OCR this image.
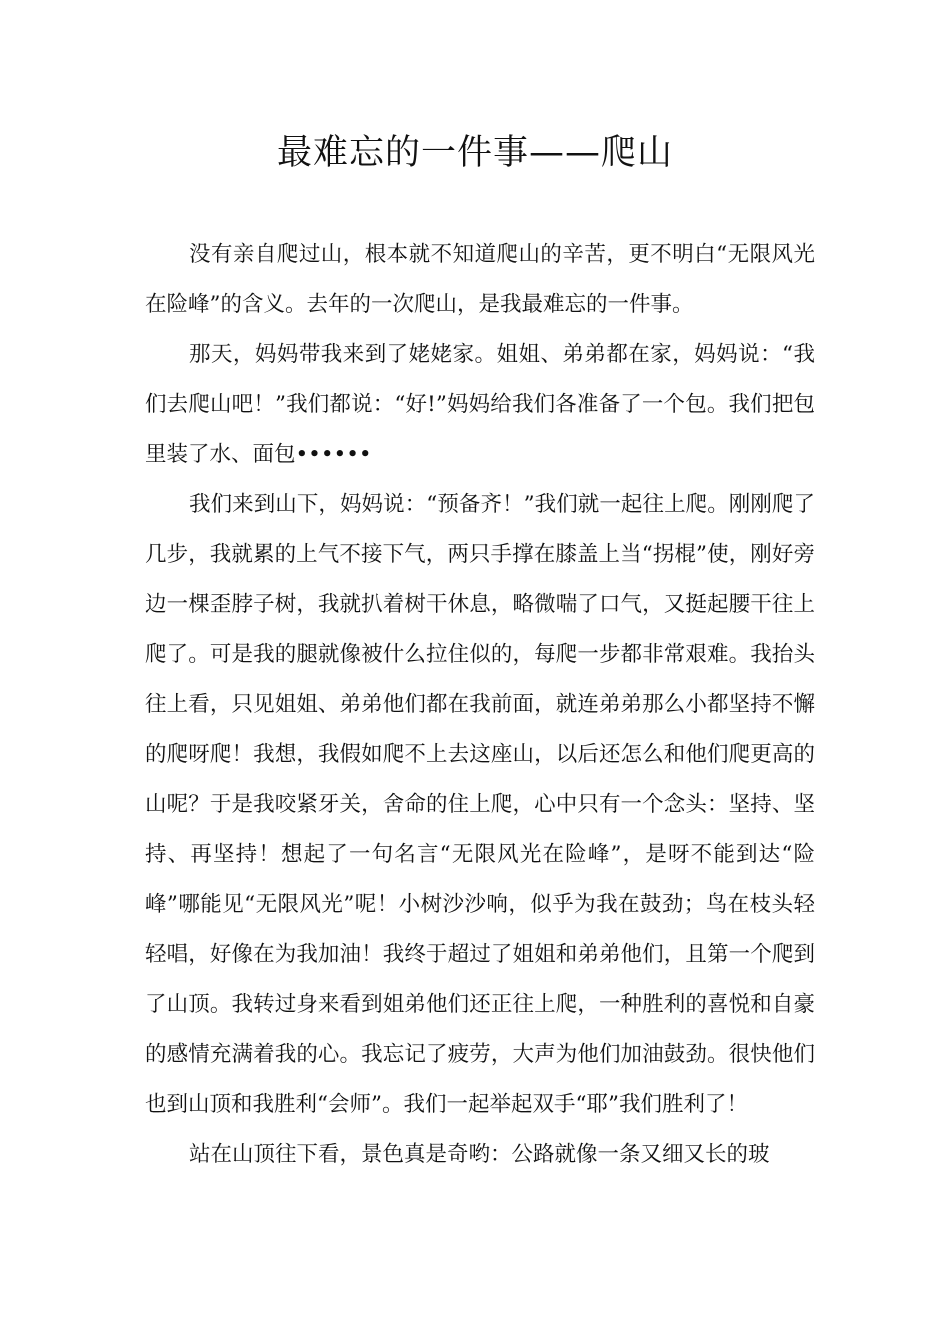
最难忘的一件事——爬山

没有亲自爬过山，根本就不知道爬山的辛苦，更不明白“无限风光在险峰”的含义。去年的一次爬山，是我最难忘的一件事。

那天，妈妈带我来到了姥姥家。姐姐、弟弟都在家，妈妈说：“我们去爬山吧！”我们都说：“好!”妈妈给我们各准备了一个包。我们把包里装了水、面包••••••

我们来到山下，妈妈说：“预备齐！”我们就一起往上爬。刚刚爬了几步，我就累的上气不接下气，两只手撑在膝盖上当“拐棍”使，刚好旁边一棵歪脖子树，我就扒着树干休息，略微喘了口气，又挺起腰干往上爬了。可是我的腿就像被什么拉住似的，每爬一步都非常艰难。我抬头往上看，只见姐姐、弟弟他们都在我前面，就连弟弟那么小都坚持不懈的爬呀爬！我想，我假如爬不上去这座山，以后还怎么和他们爬更高的山呢？于是我咬紧牙关，舍命的住上爬，心中只有一个念头：坚持、坚持、再坚持！想起了一句名言“无限风光在险峰”，是呀不能到达“险峰”哪能见“无限风光”呢！小树沙沙响，似乎为我在鼓劲；鸟在枝头轻轻唱，好像在为我加油！我终于超过了姐姐和弟弟他们，且第一个爬到了山顶。我转过身来看到姐弟他们还正往上爬，一种胜利的喜悦和自豪的感情充满着我的心。我忘记了疲劳，大声为他们加油鼓劲。很快他们也到山顶和我胜利“会师”。我们一起举起双手“耶”我们胜利了！

站在山顶往下看，景色真是奇哟：公路就像一条又细又长的玻
